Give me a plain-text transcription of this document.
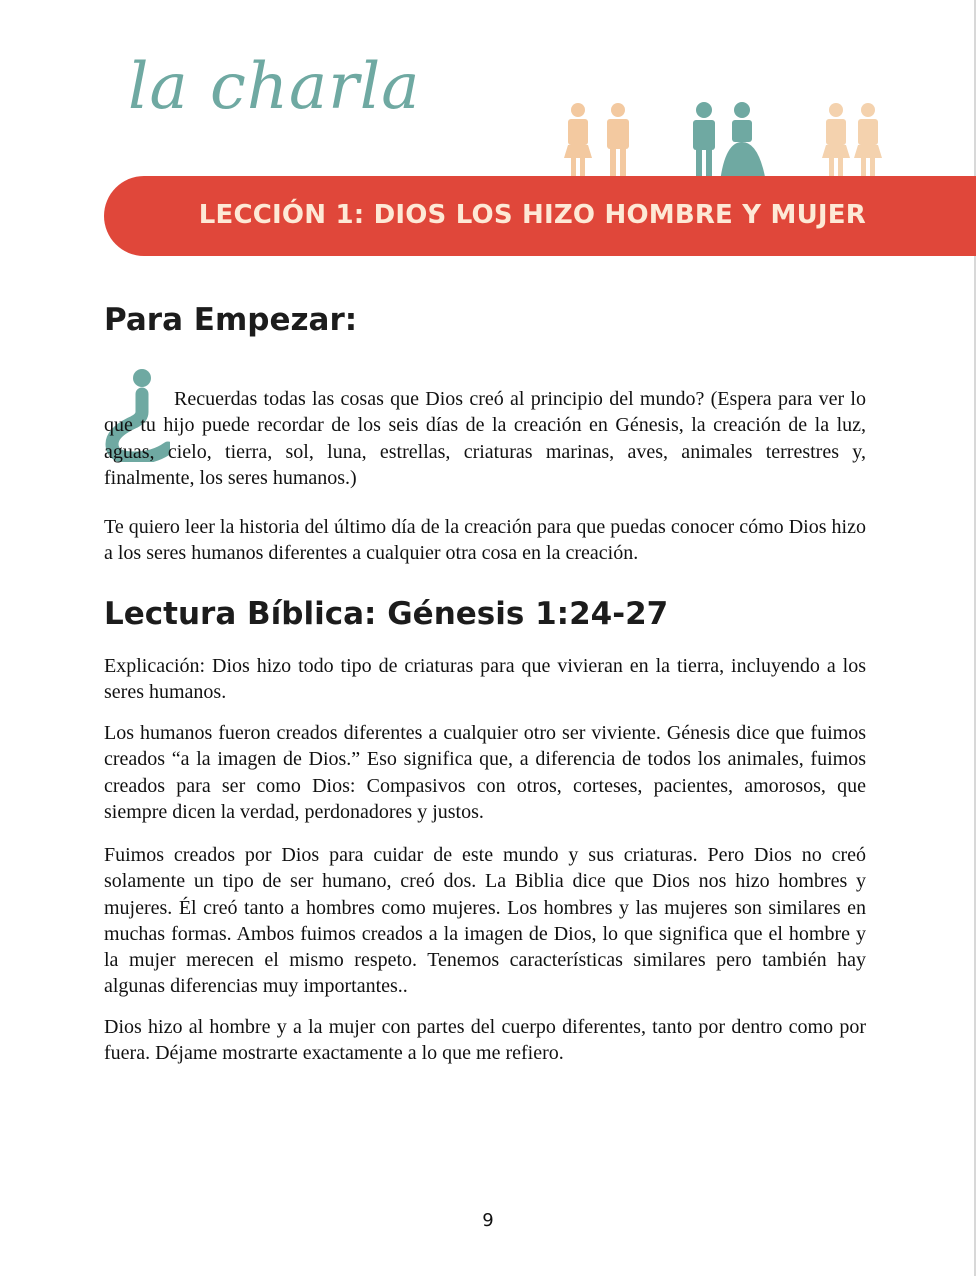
la charla
LECCIÓN 1: DIOS LOS HIZO HOMBRE Y MUJER
Para Empezar:

Recuerdas todas las cosas que Dios creó al principio del mundo? (Espera para ver lo que tu hijo puede recordar de los seis días de la creación en Génesis, la creación de la luz, aguas, cielo, tierra, sol, luna, estrellas, criaturas marinas, aves, animales terrestres y, finalmente, los seres humanos.)

Te quiero leer la historia del último día de la creación para que puedas conocer cómo Dios hizo a los seres humanos diferentes a cualquier otra cosa en la creación.

Lectura Bíblica: Génesis 1:24-27

Explicación: Dios hizo todo tipo de criaturas para que vivieran en la tierra, incluyendo a los seres humanos.

Los humanos fueron creados diferentes a cualquier otro ser viviente. Génesis dice que fuimos creados “a la imagen de Dios.” Eso significa que, a diferencia de todos los animales, fuimos creados para ser como Dios: Compasivos con otros, corteses, pacientes, amorosos, que siempre dicen la verdad, perdonadores y justos.

Fuimos creados por Dios para cuidar de este mundo y sus criaturas. Pero Dios no creó solamente un tipo de ser humano, creó dos. La Biblia dice que Dios nos hizo hombres y mujeres. Él creó tanto a hombres como mujeres. Los hombres y las mujeres son similares en muchas formas. Ambos fuimos creados a la imagen de Dios, lo que significa que el hombre y la mujer merecen el mismo respeto. Tenemos características similares pero también hay algunas diferencias muy importantes..

Dios hizo al hombre y a la mujer con partes del cuerpo diferentes, tanto por dentro como por fuera. Déjame mostrarte exactamente a lo que me refiero.

9
